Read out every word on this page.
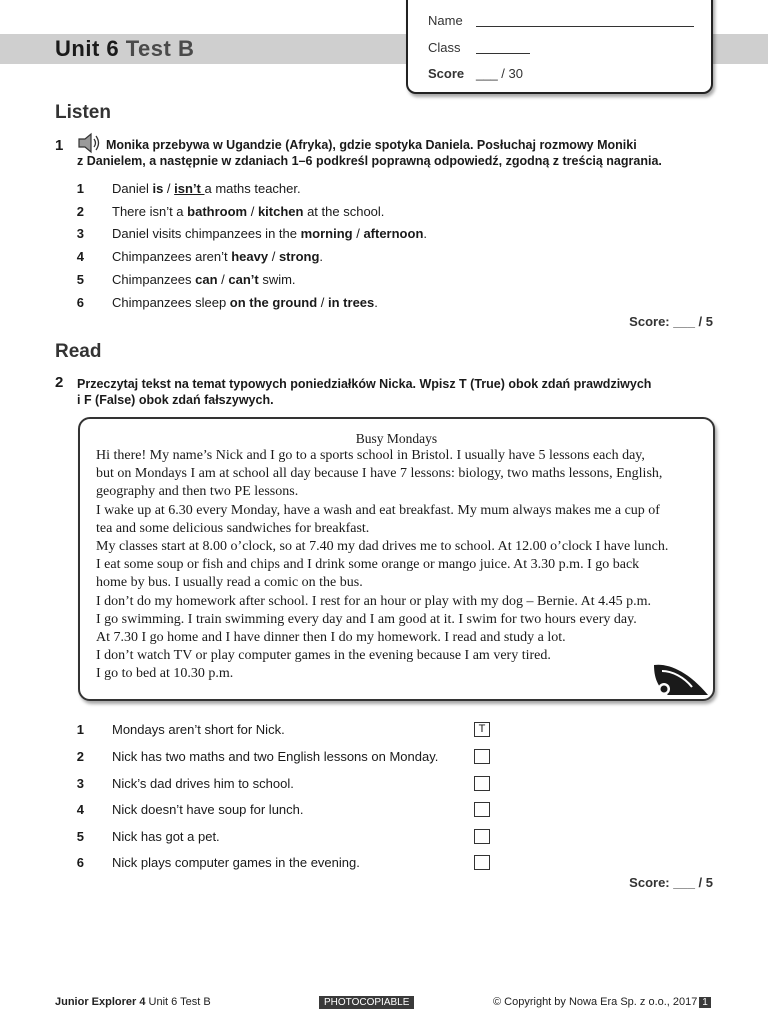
Unit 6 Test B
Name
Class
Score ___ / 30
Listen
1	Monika przebywa w Ugandzie (Afryka), gdzie spotyka Daniela. Posłuchaj rozmowy Moniki
z Danielem, a następnie w zdaniach 1–6 podkreśl poprawną odpowiedź, zgodną z treścią nagrania.
1 Daniel is / isn’t a maths teacher.
2 There isn’t a bathroom / kitchen at the school.
3 Daniel visits chimpanzees in the morning / afternoon.
4 Chimpanzees aren’t heavy / strong.
5 Chimpanzees can / can’t swim.
6 Chimpanzees sleep on the ground / in trees.
Score: ___ / 5
Read
2 Przeczytaj tekst na temat typowych poniedziałków Nicka. Wpisz T (True) obok zdań prawdziwych
i F (False) obok zdań fałszywych.
Busy Mondays

Hi there! My name’s Nick and I go to a sports school in Bristol. I usually have 5 lessons each day,

but on Mondays I am at school all day because I have 7 lessons: biology, two maths lessons, English,

geography and then two PE lessons.

I wake up at 6.30 every Monday, have a wash and eat breakfast. My mum always makes me a cup of

tea and some delicious sandwiches for breakfast.

My classes start at 8.00 o’clock, so at 7.40 my dad drives me to school. At 12.00 o’clock I have lunch.

I eat some soup or fish and chips and I drink some orange or mango juice. At 3.30 p.m. I go back

home by bus. I usually read a comic on the bus.

I don’t do my homework after school. I rest for an hour or play with my dog – Bernie. At 4.45 p.m.

I go swimming. I train swimming every day and I am good at it. I swim for two hours every day.

At 7.30 I go home and I have dinner then I do my homework. I read and study a lot.

I don’t watch TV or play computer games in the evening because I am very tired.

I go to bed at 10.30 p.m.

1 Mondays aren’t short for Nick.	T
2 Nick has two maths and two English lessons on Monday.
3 Nick’s dad drives him to school.
4 Nick doesn’t have soup for lunch.
5 Nick has got a pet.
6 Nick plays computer games in the evening.
Score: ___ / 5
Junior Explorer 4 Unit 6 Test B	PHOTOCOPIABLE	© Copyright by Nowa Era Sp. z o.o., 2017 1
